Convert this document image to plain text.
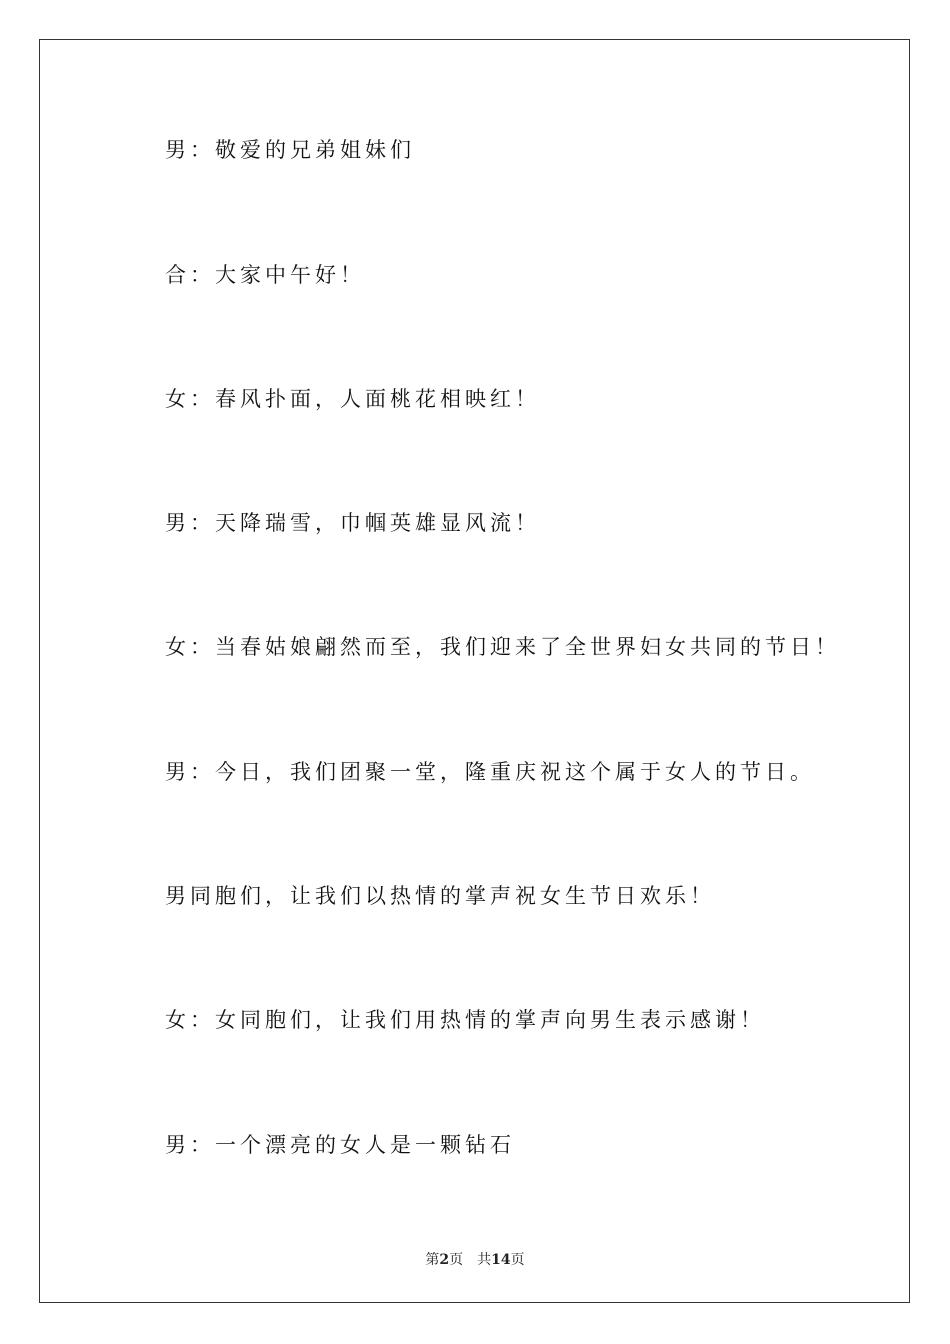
男：敬爱的兄弟姐妹们
合：大家中午好！
女：春风扑面，人面桃花相映红！
男：天降瑞雪，巾帼英雄显风流！
女：当春姑娘翩然而至，我们迎来了全世界妇女共同的节日！
男：今日，我们团聚一堂，隆重庆祝这个属于女人的节日。
男同胞们，让我们以热情的掌声祝女生节日欢乐！
女：女同胞们，让我们用热情的掌声向男生表示感谢！
男：一个漂亮的女人是一颗钻石
第2页 共14页
